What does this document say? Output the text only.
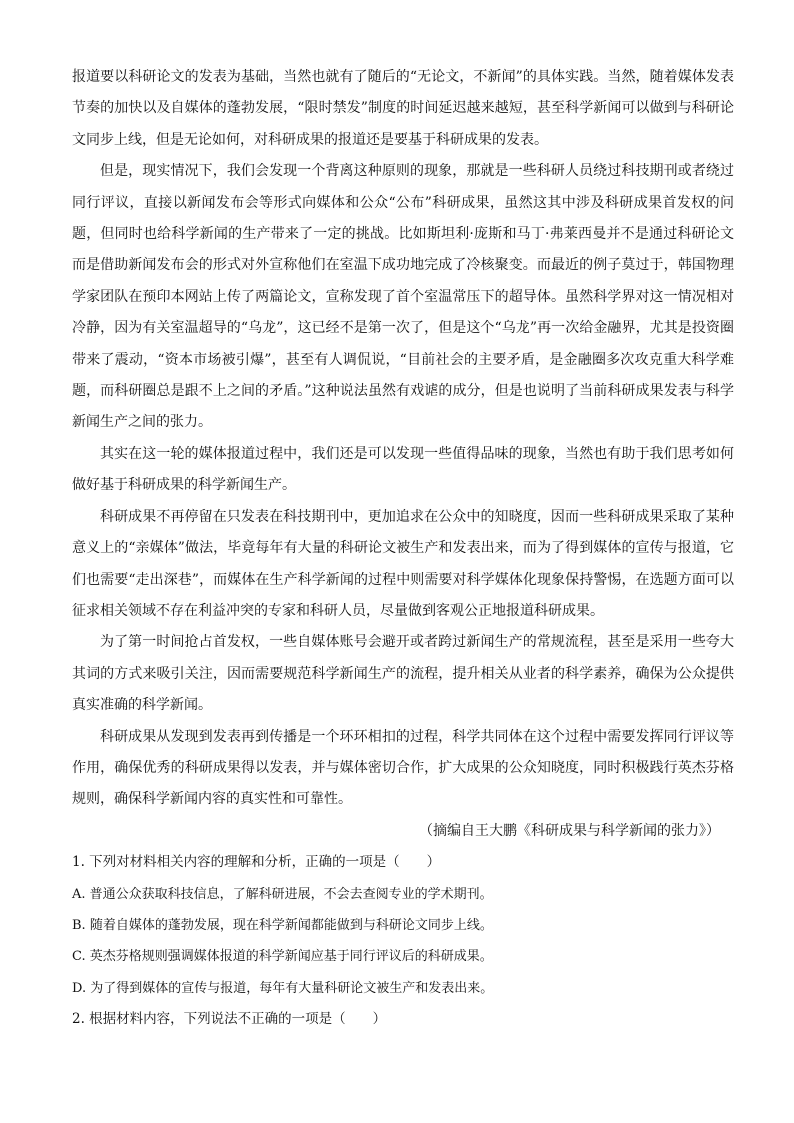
报道要以科研论文的发表为基础，当然也就有了随后的“无论文，不新闻”的具体实践。当然，随着媒体发表节奏的加快以及自媒体的蓬勃发展，“限时禁发”制度的时间延迟越来越短，甚至科学新闻可以做到与科研论文同步上线，但是无论如何，对科研成果的报道还是要基于科研成果的发表。

但是，现实情况下，我们会发现一个背离这种原则的现象，那就是一些科研人员绕过科技期刊或者绕过同行评议，直接以新闻发布会等形式向媒体和公众“公布”科研成果，虽然这其中涉及科研成果首发权的问题，但同时也给科学新闻的生产带来了一定的挑战。比如斯坦利·庞斯和马丁·弗莱西曼并不是通过科研论文而是借助新闻发布会的形式对外宣称他们在室温下成功地完成了冷核聚变。而最近的例子莫过于，韩国物理学家团队在预印本网站上传了两篇论文，宣称发现了首个室温常压下的超导体。虽然科学界对这一情况相对冷静，因为有关室温超导的“乌龙”，这已经不是第一次了，但是这个“乌龙”再一次给金融界，尤其是投资圈带来了震动，“资本市场被引爆”，甚至有人调侃说，“目前社会的主要矛盾，是金融圈多次攻克重大科学难题，而科研圈总是跟不上之间的矛盾。”这种说法虽然有戏谑的成分，但是也说明了当前科研成果发表与科学新闻生产之间的张力。

其实在这一轮的媒体报道过程中，我们还是可以发现一些值得品味的现象，当然也有助于我们思考如何做好基于科研成果的科学新闻生产。

科研成果不再停留在只发表在科技期刊中，更加追求在公众中的知晓度，因而一些科研成果采取了某种意义上的“亲媒体”做法，毕竟每年有大量的科研论文被生产和发表出来，而为了得到媒体的宣传与报道，它们也需要“走出深巷”，而媒体在生产科学新闻的过程中则需要对科学媒体化现象保持警惕，在选题方面可以征求相关领域不存在利益冲突的专家和科研人员，尽量做到客观公正地报道科研成果。

为了第一时间抢占首发权，一些自媒体账号会避开或者跨过新闻生产的常规流程，甚至是采用一些夸大其词的方式来吸引关注，因而需要规范科学新闻生产的流程，提升相关从业者的科学素养，确保为公众提供真实准确的科学新闻。

科研成果从发现到发表再到传播是一个环环相扣的过程，科学共同体在这个过程中需要发挥同行评议等作用，确保优秀的科研成果得以发表，并与媒体密切合作，扩大成果的公众知晓度，同时积极践行英杰芬格规则，确保科学新闻内容的真实性和可靠性。

（摘编自王大鹏《科研成果与科学新闻的张力》）

1. 下列对材料相关内容的理解和分析，正确的一项是（　　）

A. 普通公众获取科技信息，了解科研进展，不会去查阅专业的学术期刊。

B. 随着自媒体的蓬勃发展，现在科学新闻都能做到与科研论文同步上线。

C. 英杰芬格规则强调媒体报道的科学新闻应基于同行评议后的科研成果。

D. 为了得到媒体的宣传与报道，每年有大量科研论文被生产和发表出来。

2. 根据材料内容，下列说法不正确的一项是（　　）
